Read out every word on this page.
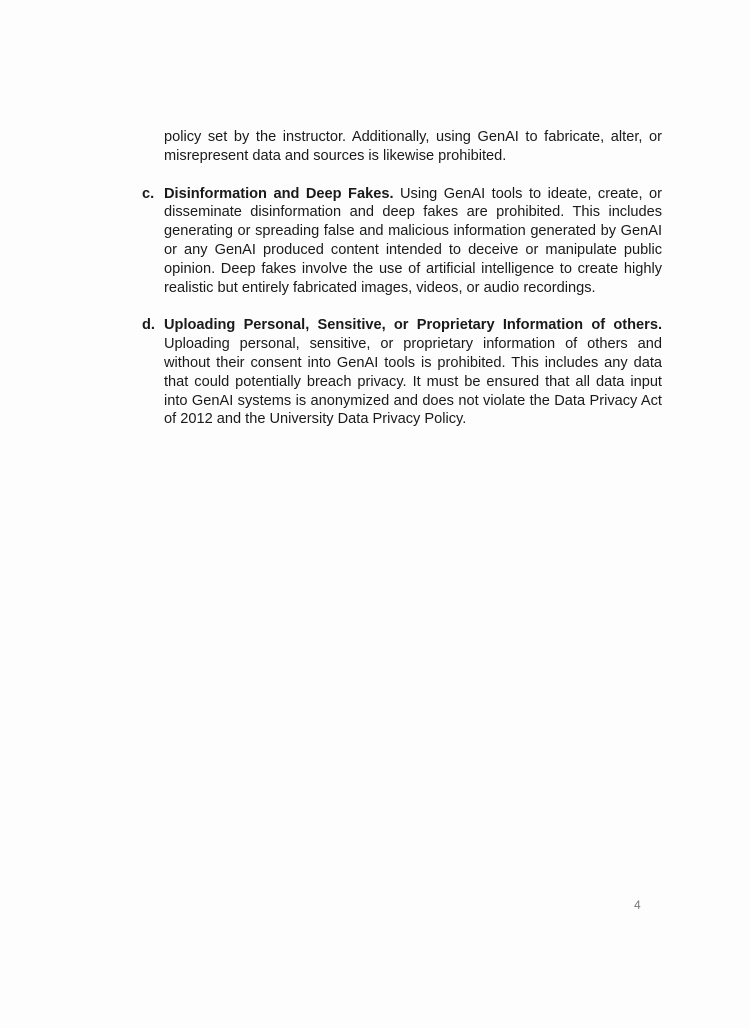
policy set by the instructor. Additionally, using GenAI to fabricate, alter, or misrepresent data and sources is likewise prohibited.

c. Disinformation and Deep Fakes. Using GenAI tools to ideate, create, or disseminate disinformation and deep fakes are prohibited. This includes generating or spreading false and malicious information generated by GenAI or any GenAI produced content intended to deceive or manipulate public opinion. Deep fakes involve the use of artificial intelligence to create highly realistic but entirely fabricated images, videos, or audio recordings.
d. Uploading Personal, Sensitive, or Proprietary Information of others. Uploading personal, sensitive, or proprietary information of others and without their consent into GenAI tools is prohibited. This includes any data that could potentially breach privacy. It must be ensured that all data input into GenAI systems is anonymized and does not violate the Data Privacy Act of 2012 and the University Data Privacy Policy.
4
